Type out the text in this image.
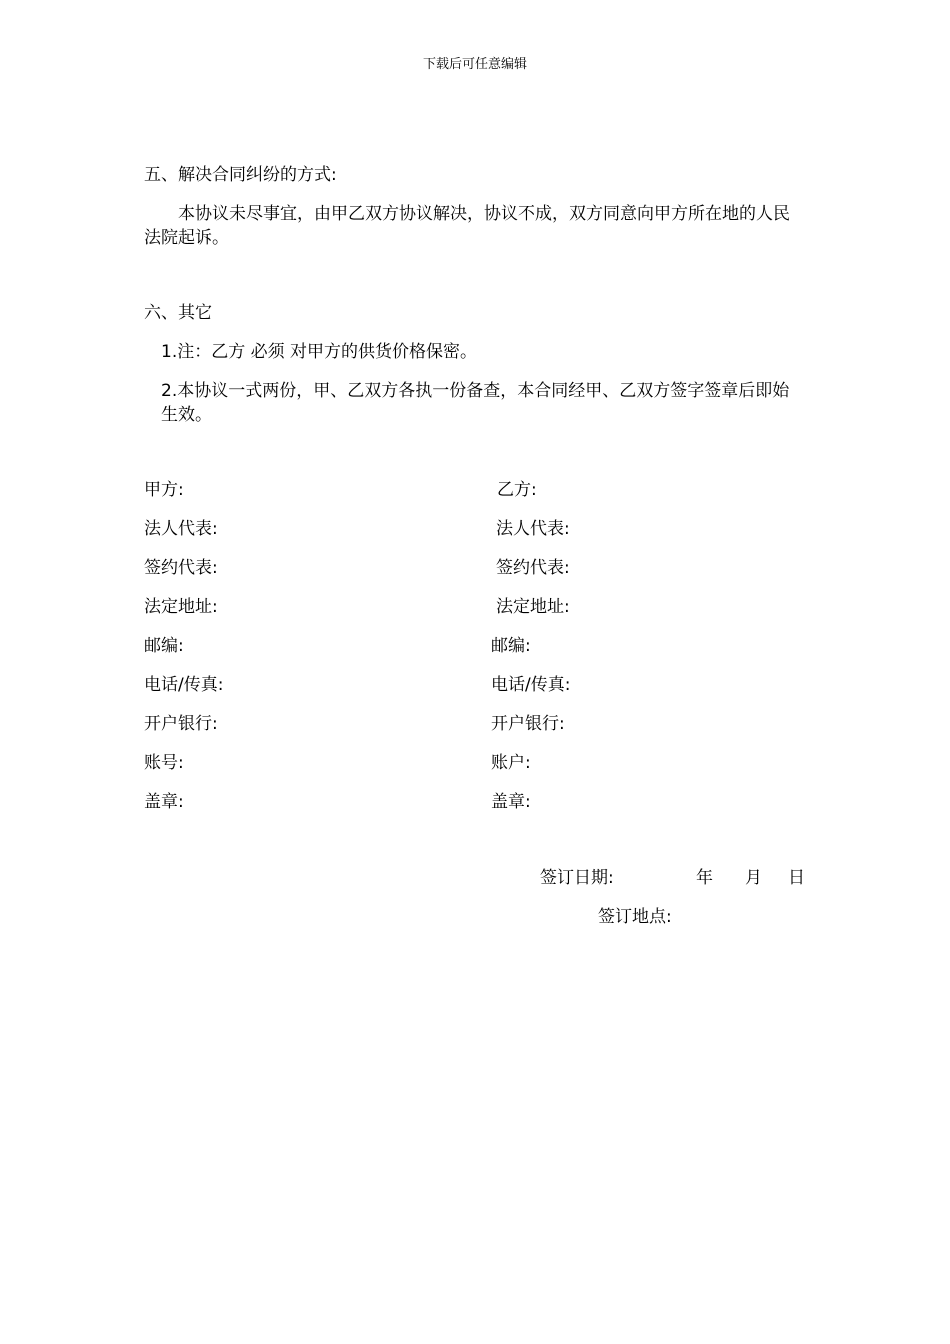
下载后可任意编辑
五、解决合同纠纷的方式:

本协议未尽事宜，由甲乙双方协议解决，协议不成，双方同意向甲方所在地的人民法院起诉。

六、其它
1.注：乙方 必须 对甲方的供货价格保密。

2.本协议一式两份，甲、乙双方各执一份备查，本合同经甲、乙双方签字签章后即始生效。

甲方:
法人代表:
签约代表:
法定地址:
邮编:
电话/传真:
开户银行:
账号:
盖章:
乙方:
法人代表:
签约代表:
法定地址:
邮编:
电话/传真:
开户银行:
账户:
盖章:
签订日期:	年 月 日
签订地点:
